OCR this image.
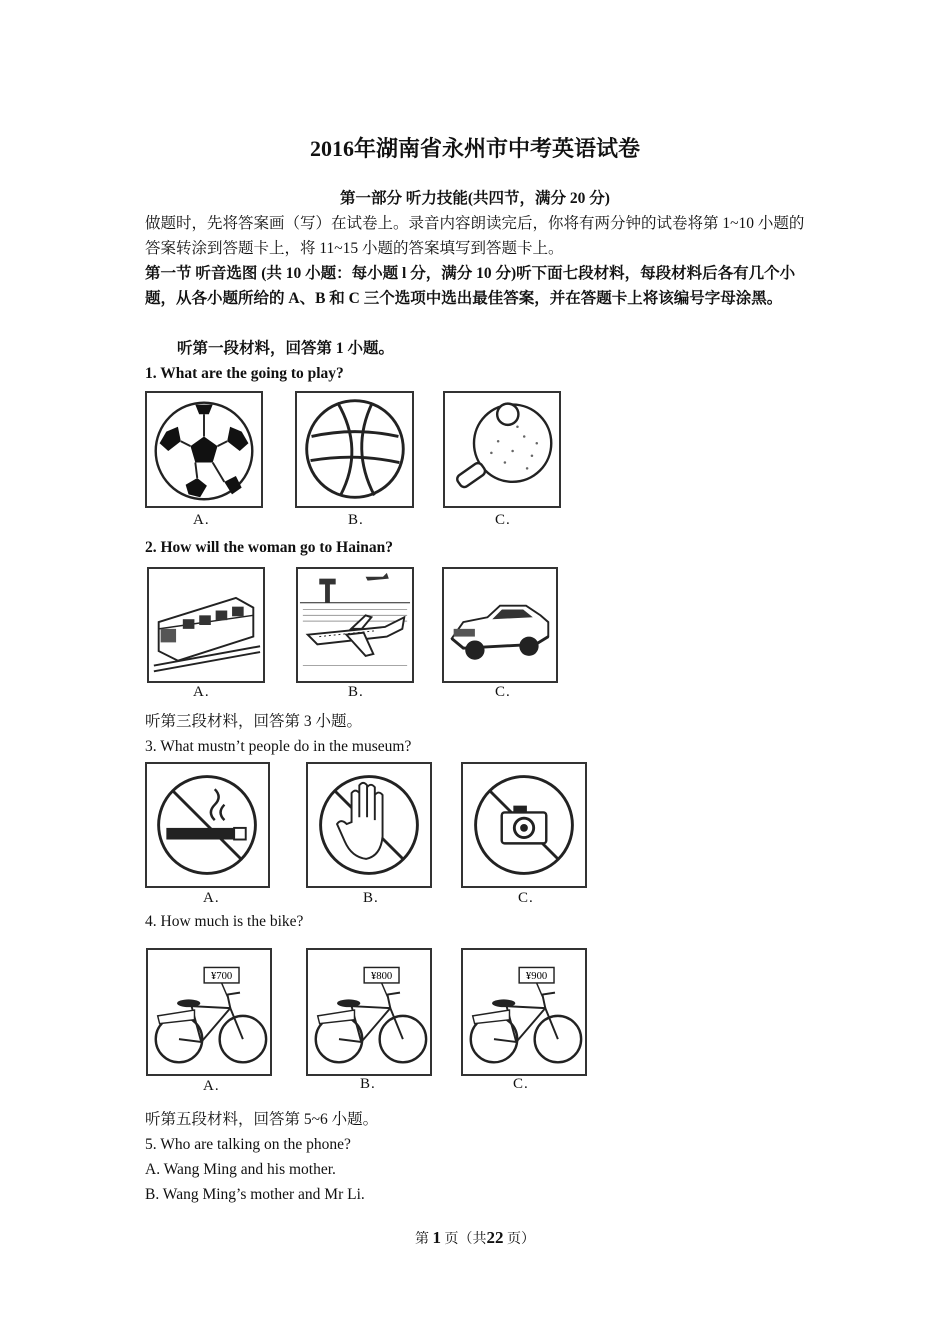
2016年湖南省永州市中考英语试卷
第一部分 听力技能(共四节，满分 20 分)
做题时，先将答案画（写）在试卷上。录音内容朗读完后，你将有两分钟的试卷将第 1~10 小题的答案转涂到答题卡上，将 11~15 小题的答案填写到答题卡上。
第一节 听音选图 (共 10 小题：每小题 l 分，满分 10 分)听下面七段材料，每段材料后各有几个小题，从各小题所给的 A、B 和 C 三个选项中选出最佳答案，并在答题卡上将该编号字母涂黑。
听第一段材料，回答第 1 小题。
1. What are the going to play?
A.	B.	C.
2. How will the woman go to Hainan?
A.	B.	C.
听第三段材料，回答第 3 小题。
3. What mustn’t people do in the museum?
A.	B.	C.
4. How much is the bike?
¥700	¥800	¥900
A.	B.	C.
听第五段材料，回答第 5~6 小题。
5. Who are talking on the phone?
A. Wang Ming and his mother.
B. Wang Ming’s mother and Mr Li.
第 1 页（共22 页）
